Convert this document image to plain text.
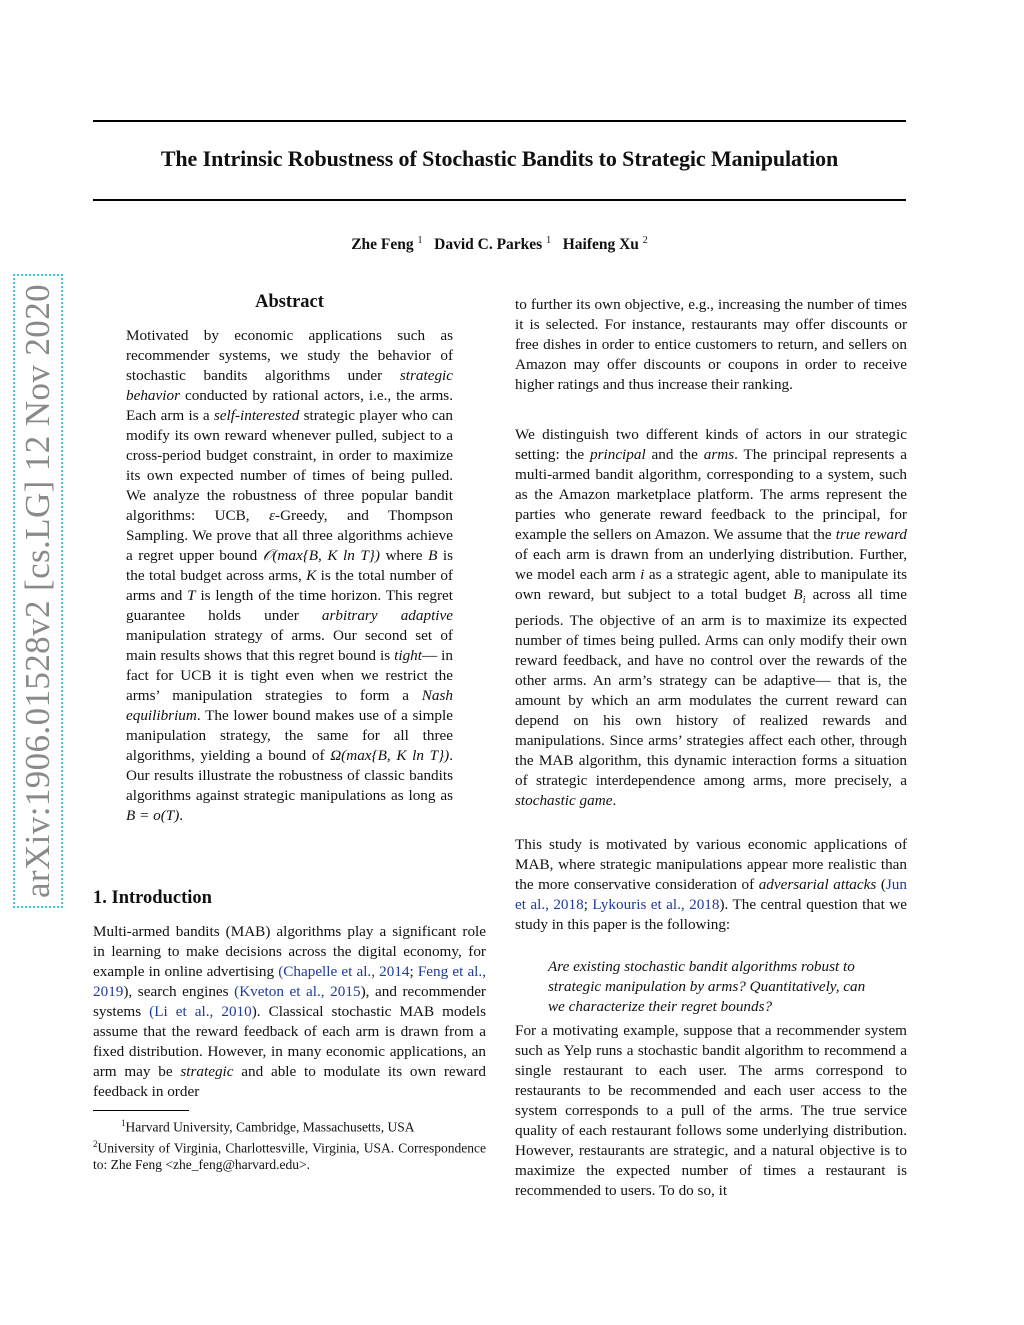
The Intrinsic Robustness of Stochastic Bandits to Strategic Manipulation
Zhe Feng $^1$ David C. Parkes $^1$ Haifeng Xu $^2$
arXiv:1906.01528v2 [cs.LG] 12 Nov 2020	Abstract
Motivated by economic applications such as recommender systems, we study the behavior of stochastic bandits algorithms under strategic behavior conducted by rational actors, i.e., the arms. Each arm is a self-interested strategic player who can modify its own reward whenever pulled, subject to a cross-period budget constraint, in order to maximize its own expected number of times of being pulled. We analyze the robustness of three popular bandit algorithms: UCB, ε-Greedy, and Thompson Sampling. We prove that all three algorithms achieve a regret upper bound 𝒪(max{B, K ln T}) where B is the total budget across arms, K is the total number of arms and T is length of the time horizon. This regret guarantee holds under arbitrary adaptive manipulation strategy of arms. Our second set of main results shows that this regret bound is tight— in fact for UCB it is tight even when we restrict the arms’ manipulation strategies to form a Nash equilibrium. The lower bound makes use of a simple manipulation strategy, the same for all three algorithms, yielding a bound of Ω(max{B, K ln T}). Our results illustrate the robustness of classic bandits algorithms against strategic manipulations as long as B = o(T).
1. Introduction

Multi-armed bandits (MAB) algorithms play a significant role in learning to make decisions across the digital economy, for example in online advertising (Chapelle et al., 2014; Feng et al., 2019), search engines (Kveton et al., 2015), and recommender systems (Li et al., 2010). Classical stochastic MAB models assume that the reward feedback of each arm is drawn from a fixed distribution. However, in many economic applications, an arm may be strategic and able to modulate its own reward feedback in order

$^1$Harvard University, Cambridge, Massachusetts, USA
$^2$University of Virginia, Charlottesville, Virginia, USA. Correspondence to: Zhe Feng <zhe_feng@harvard.edu>.

to further its own objective, e.g., increasing the number of times it is selected. For instance, restaurants may offer discounts or free dishes in order to entice customers to return, and sellers on Amazon may offer discounts or coupons in order to receive higher ratings and thus increase their ranking.

We distinguish two different kinds of actors in our strategic setting: the principal and the arms. The principal represents a multi-armed bandit algorithm, corresponding to a system, such as the Amazon marketplace platform. The arms represent the parties who generate reward feedback to the principal, for example the sellers on Amazon. We assume that the true reward of each arm is drawn from an underlying distribution. Further, we model each arm i as a strategic agent, able to manipulate its own reward, but subject to a total budget $B_i$ across all time periods. The objective of an arm is to maximize its expected number of times being pulled. Arms can only modify their own reward feedback, and have no control over the rewards of the other arms. An arm’s strategy can be adaptive— that is, the amount by which an arm modulates the current reward can depend on his own history of realized rewards and manipulations. Since arms’ strategies affect each other, through the MAB algorithm, this dynamic interaction forms a situation of strategic interdependence among arms, more precisely, a stochastic game.

This study is motivated by various economic applications of MAB, where strategic manipulations appear more realistic than the more conservative consideration of adversarial attacks (Jun et al., 2018; Lykouris et al., 2018). The central question that we study in this paper is the following:

Are existing stochastic bandit algorithms robust to strategic manipulation by arms? Quantitatively, can we characterize their regret bounds?

For a motivating example, suppose that a recommender system such as Yelp runs a stochastic bandit algorithm to recommend a single restaurant to each user. The arms correspond to restaurants to be recommended and each user access to the system corresponds to a pull of the arms. The true service quality of each restaurant follows some underlying distribution. However, restaurants are strategic, and a natural objective is to maximize the expected number of times a restaurant is recommended to users. To do so, it
